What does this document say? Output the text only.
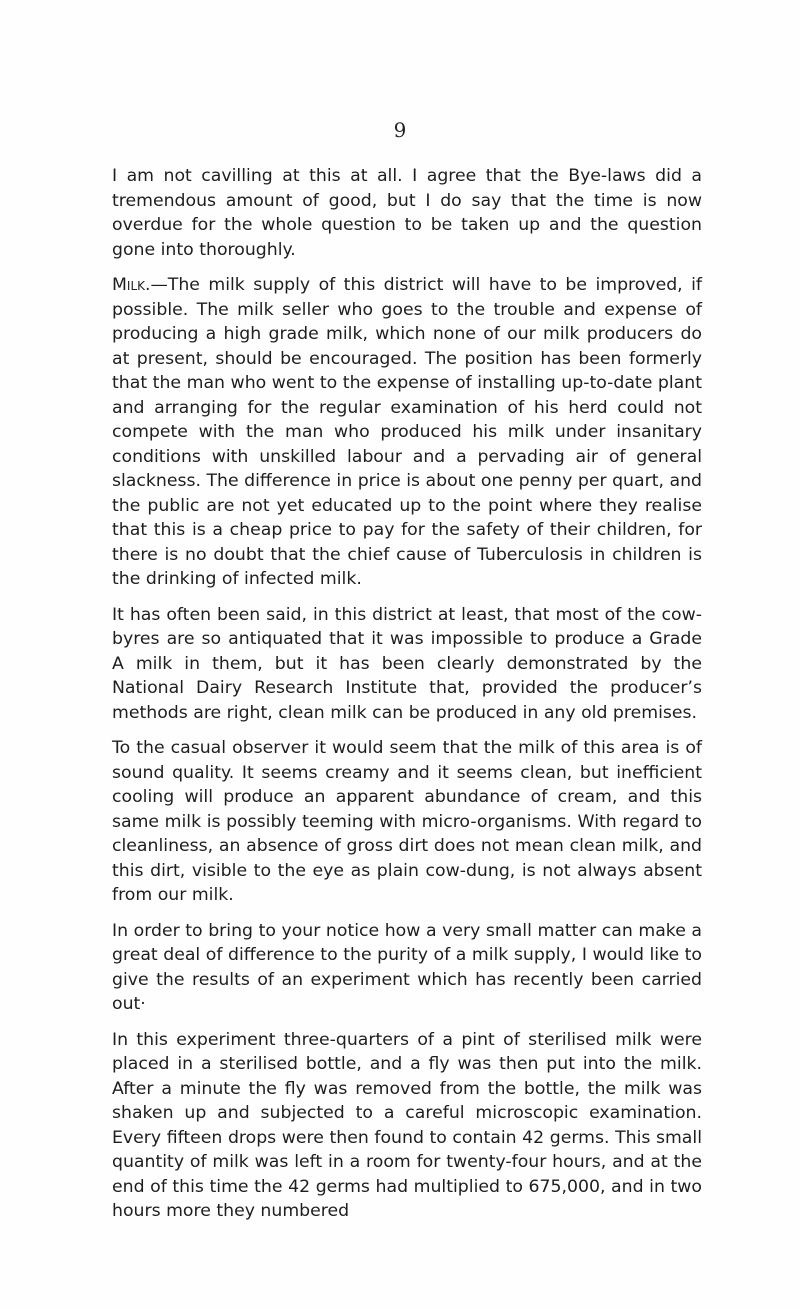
9

I am not cavilling at this at all. I agree that the Bye-laws did a tremendous amount of good, but I do say that the time is now overdue for the whole question to be taken up and the question gone into thoroughly.

Milk.—The milk supply of this district will have to be improved, if possible. The milk seller who goes to the trouble and expense of producing a high grade milk, which none of our milk producers do at present, should be encouraged. The position has been formerly that the man who went to the expense of installing up-to-date plant and arranging for the regular examination of his herd could not compete with the man who produced his milk under insanitary conditions with unskilled labour and a pervading air of general slackness. The difference in price is about one penny per quart, and the public are not yet educated up to the point where they realise that this is a cheap price to pay for the safety of their children, for there is no doubt that the chief cause of Tuberculosis in children is the drinking of infected milk.

It has often been said, in this district at least, that most of the cow-byres are so antiquated that it was impossible to produce a Grade A milk in them, but it has been clearly demonstrated by the National Dairy Research Institute that, provided the producer’s methods are right, clean milk can be produced in any old premises.

To the casual observer it would seem that the milk of this area is of sound quality. It seems creamy and it seems clean, but inefficient cooling will produce an apparent abundance of cream, and this same milk is possibly teeming with micro-organisms. With regard to cleanliness, an absence of gross dirt does not mean clean milk, and this dirt, visible to the eye as plain cow-dung, is not always absent from our milk.

In order to bring to your notice how a very small matter can make a great deal of difference to the purity of a milk supply, I would like to give the results of an experiment which has recently been carried out·

In this experiment three-quarters of a pint of sterilised milk were placed in a sterilised bottle, and a fly was then put into the milk. After a minute the fly was removed from the bottle, the milk was shaken up and subjected to a careful microscopic examination. Every fifteen drops were then found to contain 42 germs. This small quantity of milk was left in a room for twenty-four hours, and at the end of this time the 42 germs had multiplied to 675,000, and in two hours more they numbered
